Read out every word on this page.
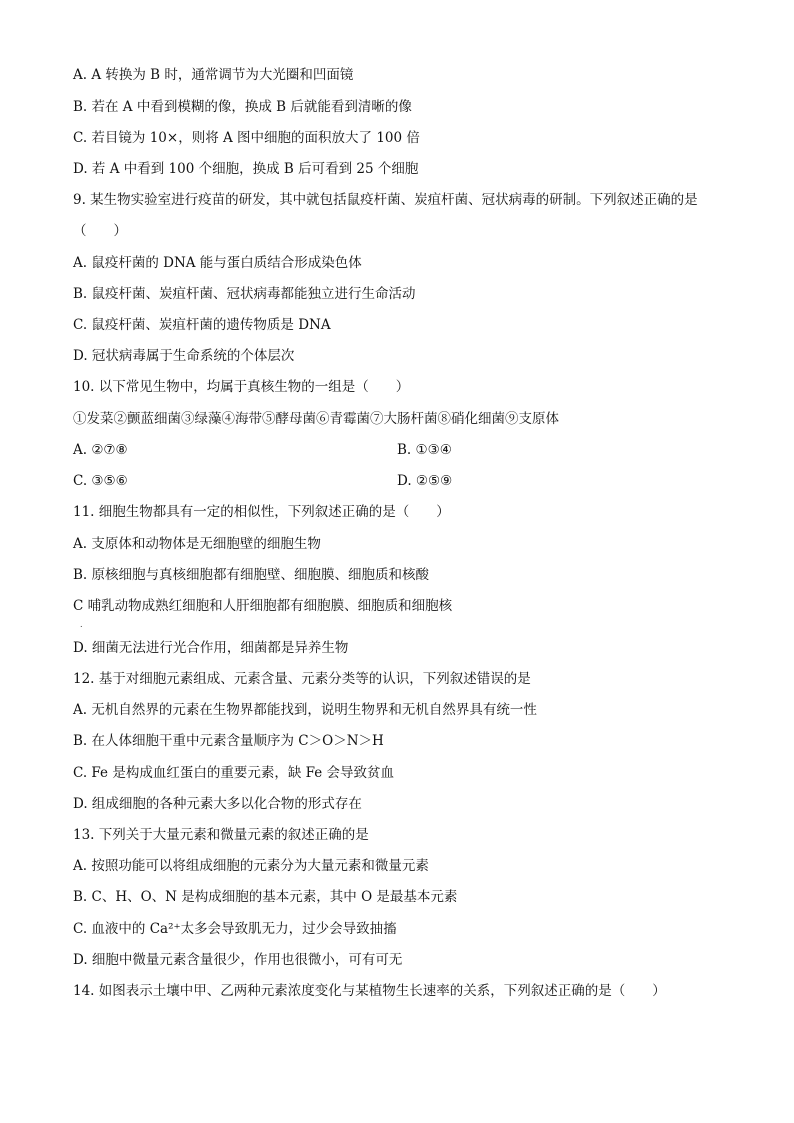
A. A 转换为 B 时，通常调节为大光圈和凹面镜
B. 若在 A 中看到模糊的像，换成 B 后就能看到清晰的像
C. 若目镜为 10×，则将 A 图中细胞的面积放大了 100 倍
D. 若 A 中看到 100 个细胞，换成 B 后可看到 25 个细胞
9. 某生物实验室进行疫苗的研发，其中就包括鼠疫杆菌、炭疽杆菌、冠状病毒的研制。下列叙述正确的是
（　　）
A. 鼠疫杆菌的 DNA 能与蛋白质结合形成染色体
B. 鼠疫杆菌、炭疽杆菌、冠状病毒都能独立进行生命活动
C. 鼠疫杆菌、炭疽杆菌的遗传物质是 DNA
D. 冠状病毒属于生命系统的个体层次
10. 以下常见生物中，均属于真核生物的一组是（　　）
①发菜②颤蓝细菌③绿藻④海带⑤酵母菌⑥青霉菌⑦大肠杆菌⑧硝化细菌⑨支原体
A. ②⑦⑧	B. ①③④
C. ③⑤⑥	D. ②⑤⑨
11. 细胞生物都具有一定的相似性，下列叙述正确的是（　　）
A. 支原体和动物体是无细胞壁的细胞生物
B. 原核细胞与真核细胞都有细胞壁、细胞膜、细胞质和核酸
C 哺乳动物成熟红细胞和人肝细胞都有细胞膜、细胞质和细胞核
.
D. 细菌无法进行光合作用，细菌都是异养生物
12. 基于对细胞元素组成、元素含量、元素分类等的认识，下列叙述错误的是
A. 无机自然界的元素在生物界都能找到，说明生物界和无机自然界具有统一性
B. 在人体细胞干重中元素含量顺序为 C＞O＞N＞H
C. Fe 是构成血红蛋白的重要元素，缺 Fe 会导致贫血
D. 组成细胞的各种元素大多以化合物的形式存在
13. 下列关于大量元素和微量元素的叙述正确的是
A. 按照功能可以将组成细胞的元素分为大量元素和微量元素
B. C、H、O、N 是构成细胞的基本元素，其中 O 是最基本元素
C. 血液中的 Ca²⁺太多会导致肌无力，过少会导致抽搐
D. 细胞中微量元素含量很少，作用也很微小，可有可无
14. 如图表示土壤中甲、乙两种元素浓度变化与某植物生长速率的关系，下列叙述正确的是（　　）
